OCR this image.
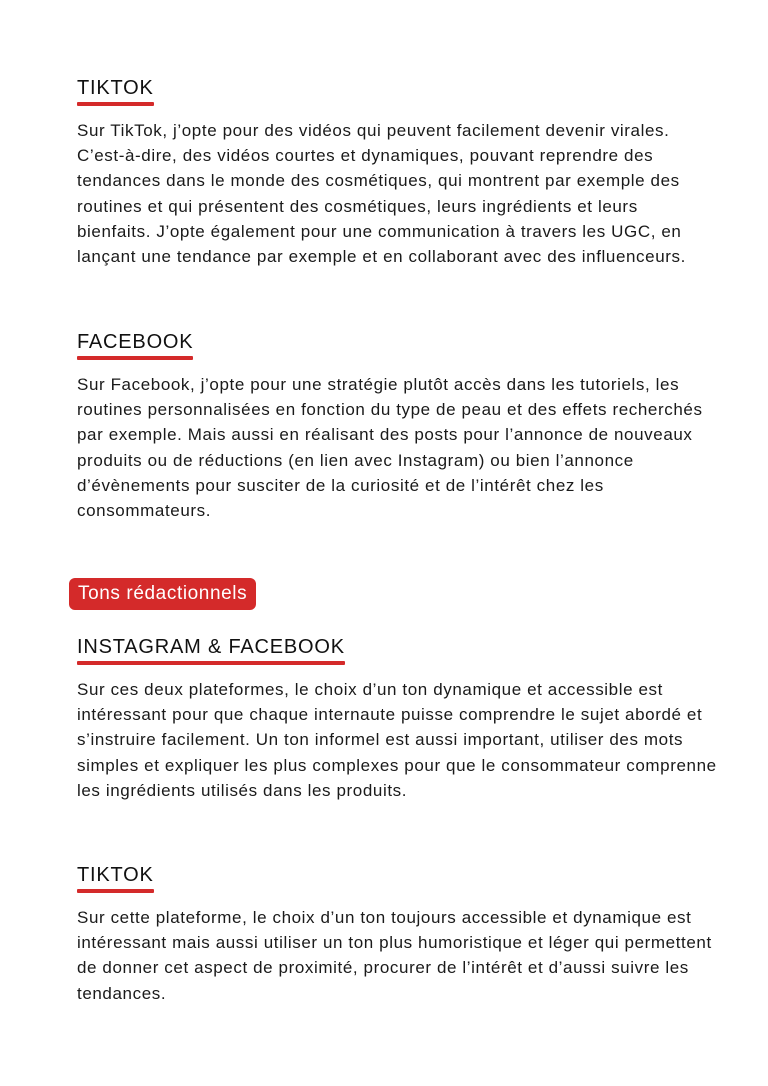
TIKTOK

Sur TikTok, j’opte pour des vidéos qui peuvent facilement devenir virales. C’est-à-dire, des vidéos courtes et dynamiques, pouvant reprendre des tendances dans le monde des cosmétiques, qui montrent par exemple des routines et qui présentent des cosmétiques, leurs ingrédients et leurs bienfaits. J’opte également pour une communication à travers les UGC, en lançant une tendance par exemple et en collaborant avec des influenceurs.

FACEBOOK

Sur Facebook, j’opte pour une stratégie plutôt accès dans les tutoriels, les routines personnalisées en fonction du type de peau et des effets recherchés par exemple. Mais aussi en réalisant des posts pour l’annonce de nouveaux produits ou de réductions (en lien avec Instagram) ou bien l’annonce d’évènements pour susciter de la curiosité et de l’intérêt chez les consommateurs.

Tons rédactionnels
INSTAGRAM & FACEBOOK

Sur ces deux plateformes, le choix d’un ton dynamique et accessible est intéressant pour que chaque internaute puisse comprendre le sujet abordé et s’instruire facilement. Un ton informel est aussi important, utiliser des mots simples et expliquer les plus complexes pour que le consommateur comprenne les ingrédients utilisés dans les produits.

TIKTOK

Sur cette plateforme, le choix d’un ton toujours accessible et dynamique est intéressant mais aussi utiliser un ton plus humoristique et léger qui permettent de donner cet aspect de proximité, procurer de l’intérêt et d’aussi suivre les tendances.
